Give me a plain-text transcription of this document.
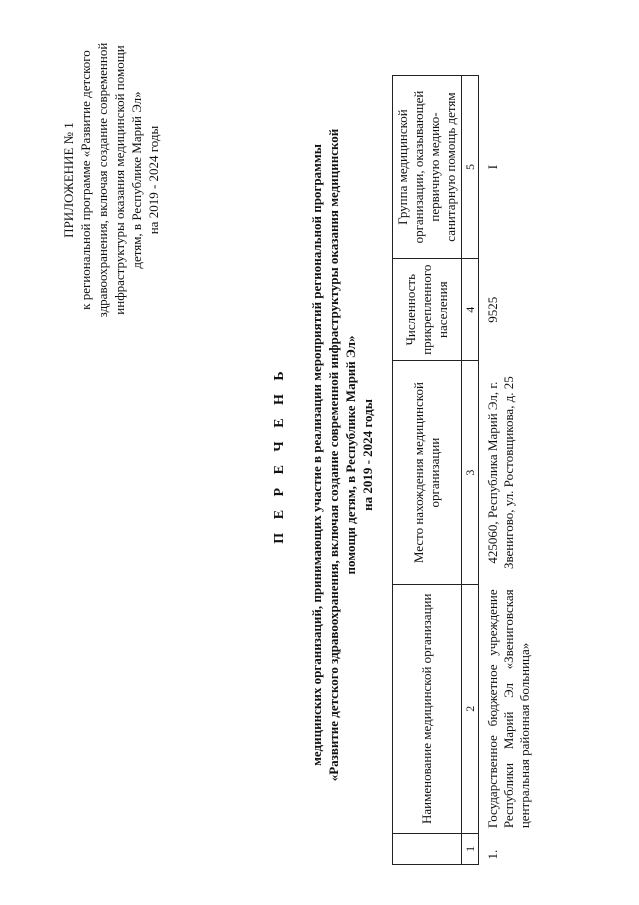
ПРИЛОЖЕНИЕ № 1 к региональной программе «Развитие детского здравоохранения, включая создание современной инфраструктуры оказания медицинской помощи детям, в Республике Марий Эл» на 2019 - 2024 годы
П Е Р Е Ч Е Н Ь медицинских организаций, принимающих участие в реализации мероприятий региональной программы «Развитие детского здравоохранения, включая создание современной инфраструктуры оказания медицинской помощи детям, в Республике Марий Эл» на 2019 - 2024 годы
	Наименование медицинской организации	Место нахождения медицинской организации	Численность прикрепленного населения	Группа медицинской организации, оказывающей первичную медико-санитарную помощь детям
1	2	3	4	5
1.	Государственное бюджетное учреждение Республики Марий Эл «Звениговская центральная районная больница»	425060, Республика Марий Эл, г. Звенигово, ул. Ростовщикова, д. 25	9525	I
